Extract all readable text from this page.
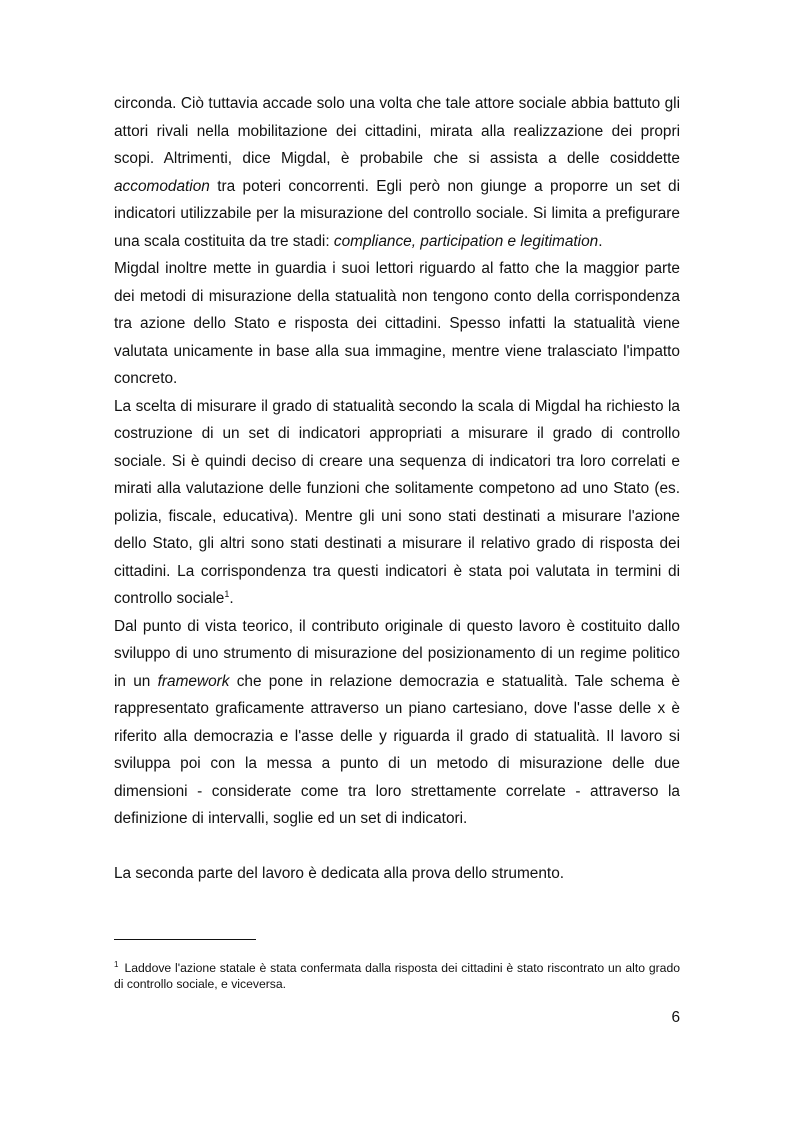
circonda. Ciò tuttavia accade solo una volta che tale attore sociale abbia battuto gli attori rivali nella mobilitazione dei cittadini, mirata alla realizzazione dei propri scopi. Altrimenti, dice Migdal, è probabile che si assista a delle cosiddette accomodation tra poteri concorrenti. Egli però non giunge a proporre un set di indicatori utilizzabile per la misurazione del controllo sociale. Si limita a prefigurare una scala costituita da tre stadi: compliance, participation e legitimation.

Migdal inoltre mette in guardia i suoi lettori riguardo al fatto che la maggior parte dei metodi di misurazione della statualità non tengono conto della corrispondenza tra azione dello Stato e risposta dei cittadini. Spesso infatti la statualità viene valutata unicamente in base alla sua immagine, mentre viene tralasciato l'impatto concreto.

La scelta di misurare il grado di statualità secondo la scala di Migdal ha richiesto la costruzione di un set di indicatori appropriati a misurare il grado di controllo sociale. Si è quindi deciso di creare una sequenza di indicatori tra loro correlati e mirati alla valutazione delle funzioni che solitamente competono ad uno Stato (es. polizia, fiscale, educativa). Mentre gli uni sono stati destinati a misurare l'azione dello Stato, gli altri sono stati destinati a misurare il relativo grado di risposta dei cittadini. La corrispondenza tra questi indicatori è stata poi valutata in termini di controllo sociale$^1$.

Dal punto di vista teorico, il contributo originale di questo lavoro è costituito dallo sviluppo di uno strumento di misurazione del posizionamento di un regime politico in un framework che pone in relazione democrazia e statualità. Tale schema è rappresentato graficamente attraverso un piano cartesiano, dove l'asse delle x è riferito alla democrazia e l'asse delle y riguarda il grado di statualità. Il lavoro si sviluppa poi con la messa a punto di un metodo di misurazione delle due dimensioni - considerate come tra loro strettamente correlate - attraverso la definizione di intervalli, soglie ed un set di indicatori.

La seconda parte del lavoro è dedicata alla prova dello strumento.

$^1$ Laddove l'azione statale è stata confermata dalla risposta dei cittadini è stato riscontrato un alto grado di controllo sociale, e viceversa.
6
